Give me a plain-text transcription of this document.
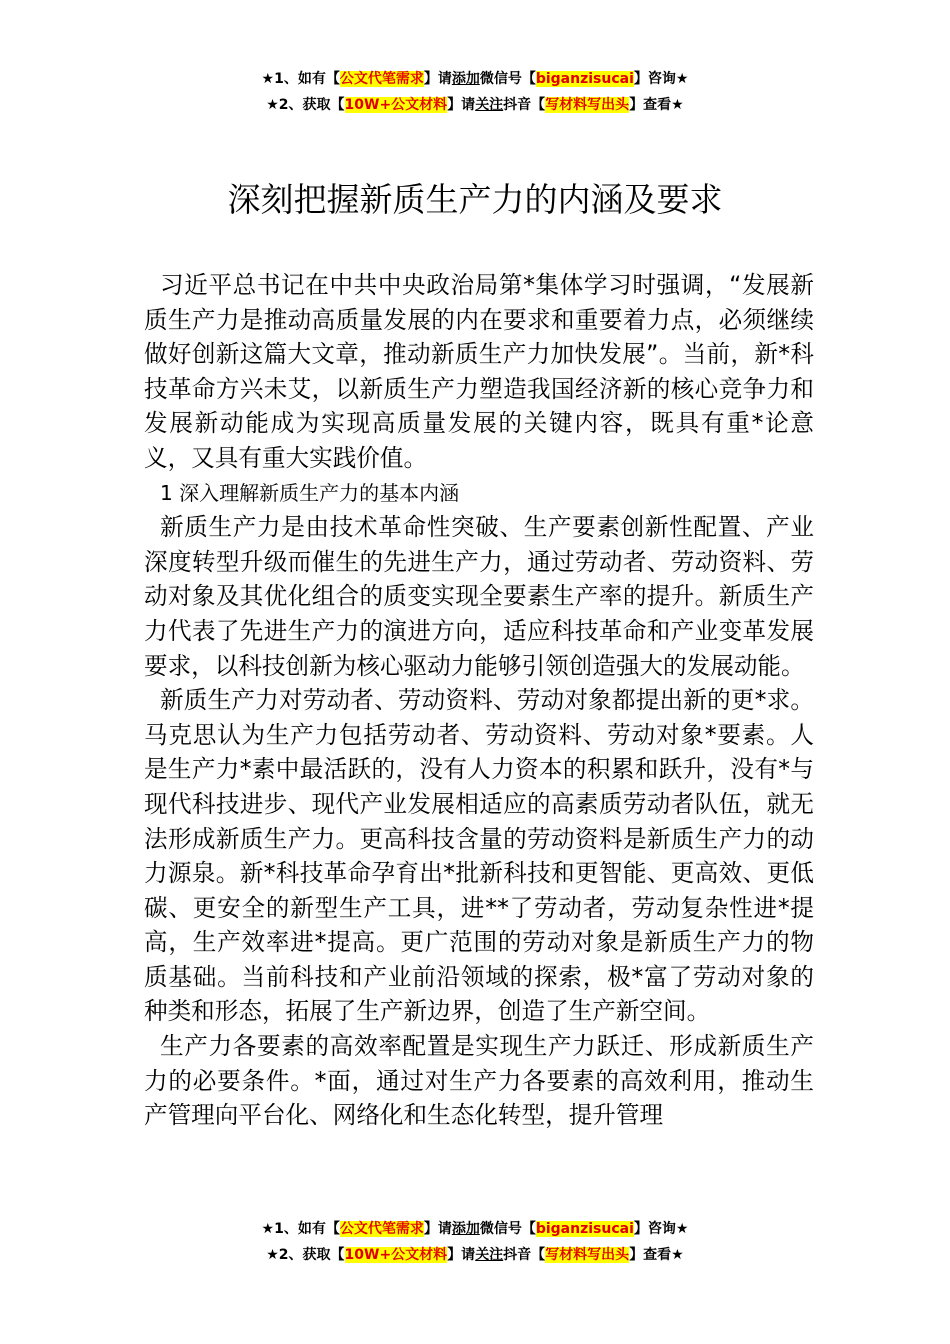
★1、如有【公文代笔需求】请添加微信号【biganzisucai】咨询★
★2、获取【10W+公文材料】请关注抖音【写材料写出头】查看★
深刻把握新质生产力的内涵及要求

习近平总书记在中共中央政治局第*集体学习时强调，“发展新质生产力是推动高质量发展的内在要求和重要着力点，必须继续做好创新这篇大文章，推动新质生产力加快发展”。当前，新*科技革命方兴未艾，以新质生产力塑造我国经济新的核心竞争力和发展新动能成为实现高质量发展的关键内容，既具有重*论意义，又具有重大实践价值。

1 深入理解新质生产力的基本内涵

新质生产力是由技术革命性突破、生产要素创新性配置、产业深度转型升级而催生的先进生产力，通过劳动者、劳动资料、劳动对象及其优化组合的质变实现全要素生产率的提升。新质生产力代表了先进生产力的演进方向，适应科技革命和产业变革发展要求，以科技创新为核心驱动力能够引领创造强大的发展动能。

新质生产力对劳动者、劳动资料、劳动对象都提出新的更*求。马克思认为生产力包括劳动者、劳动资料、劳动对象*要素。人是生产力*素中最活跃的，没有人力资本的积累和跃升，没有*与现代科技进步、现代产业发展相适应的高素质劳动者队伍，就无法形成新质生产力。更高科技含量的劳动资料是新质生产力的动力源泉。新*科技革命孕育出*批新科技和更智能、更高效、更低碳、更安全的新型生产工具，进**了劳动者，劳动复杂性进*提高，生产效率进*提高。更广范围的劳动对象是新质生产力的物质基础。当前科技和产业前沿领域的探索，极*富了劳动对象的种类和形态，拓展了生产新边界，创造了生产新空间。

生产力各要素的高效率配置是实现生产力跃迁、形成新质生产力的必要条件。*面，通过对生产力各要素的高效利用，推动生产管理向平台化、网络化和生态化转型，提升管理

★1、如有【公文代笔需求】请添加微信号【biganzisucai】咨询★
★2、获取【10W+公文材料】请关注抖音【写材料写出头】查看★
